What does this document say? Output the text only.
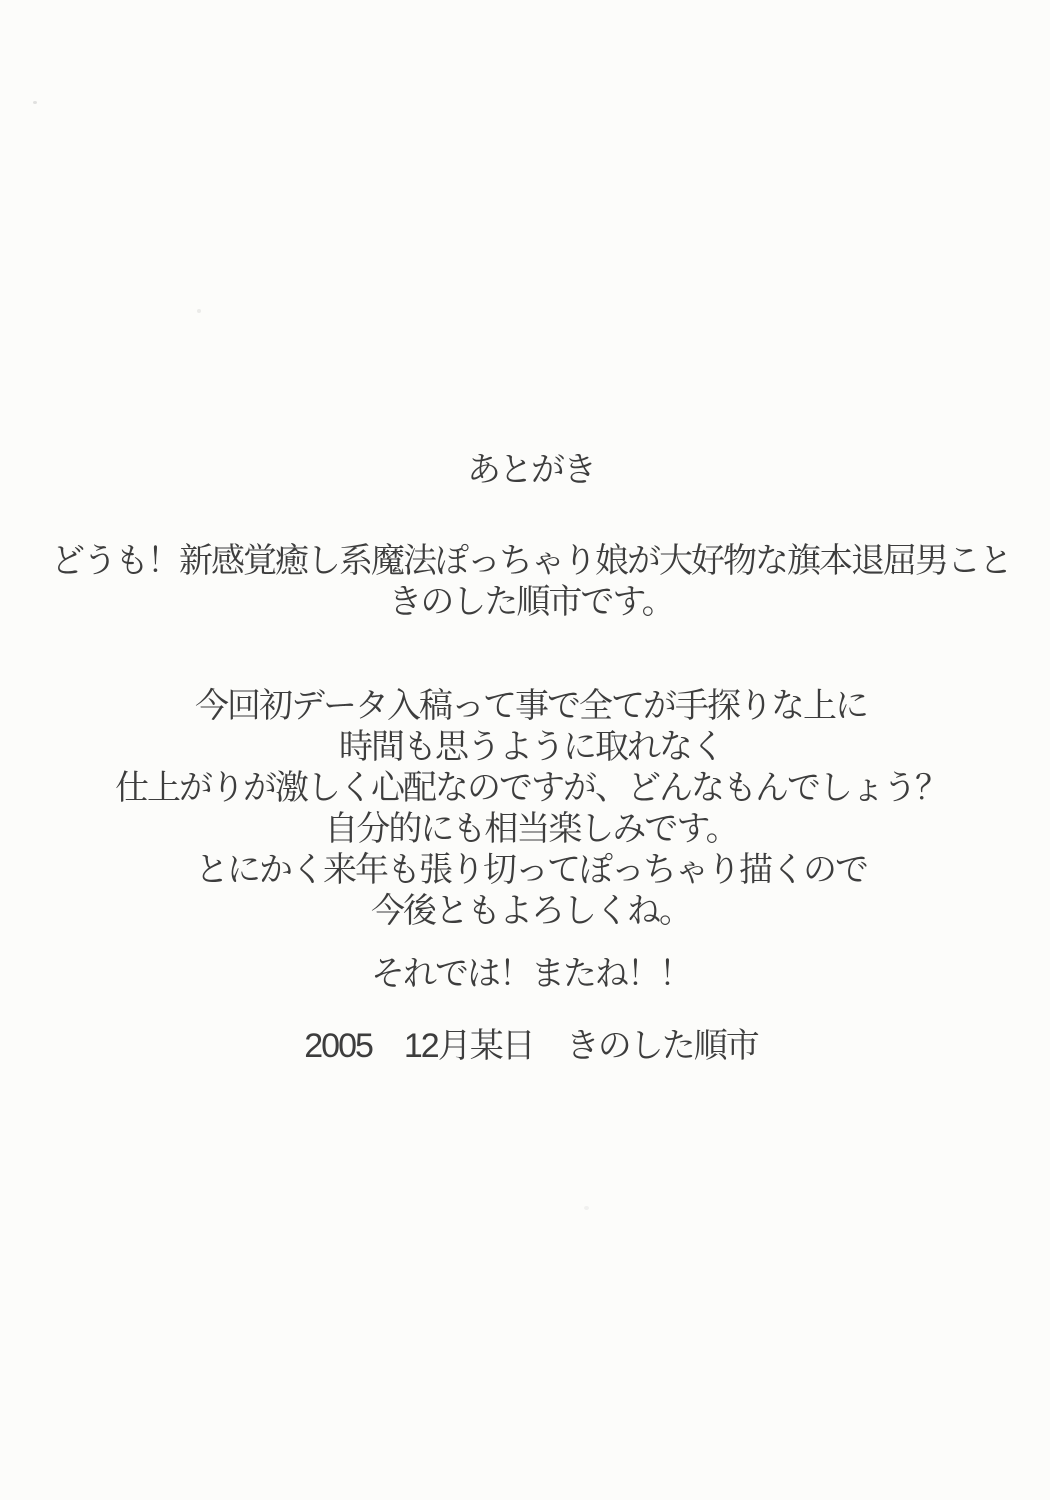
あとがき

どうも！新感覚癒し系魔法ぽっちゃり娘が大好物な旗本退屈男こと
きのした順市です。

今回初データ入稿って事で全てが手探りな上に
時間も思うように取れなく
仕上がりが激しく心配なのですが、どんなもんでしょう？
自分的にも相当楽しみです。
とにかく来年も張り切ってぽっちゃり描くので
今後ともよろしくね。

それでは！またね！！

2005　12月某日　きのした順市
